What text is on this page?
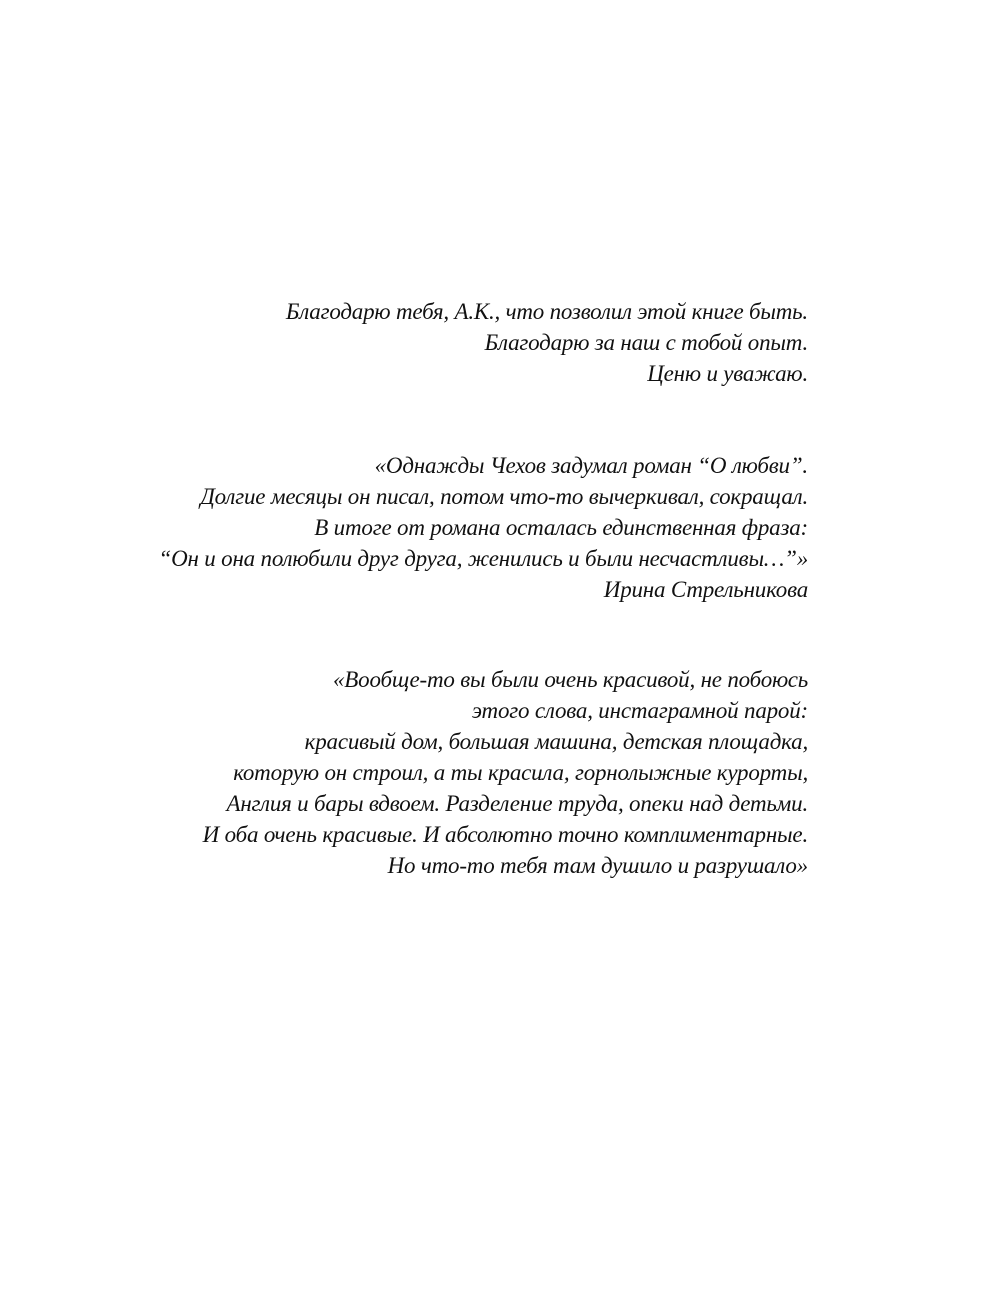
Благодарю тебя, А.К., что позволил этой книге быть.
Благодарю за наш с тобой опыт.
Ценю и уважаю.
«Однажды Чехов задумал роман “О любви”.
Долгие месяцы он писал, потом что-то вычеркивал, сокращал.
В итоге от романа осталась единственная фраза:
“Он и она полюбили друг друга, женились и были несчастливы…”»
Ирина Стрельникова
«Вообще-то вы были очень красивой, не побоюсь
этого слова, инстаграмной парой:
красивый дом, большая машина, детская площадка,
которую он строил, а ты красила, горнолыжные курорты,
Англия и бары вдвоем. Разделение труда, опеки над детьми.
И оба очень красивые. И абсолютно точно комплиментарные.
Но что-то тебя там душило и разрушало»
